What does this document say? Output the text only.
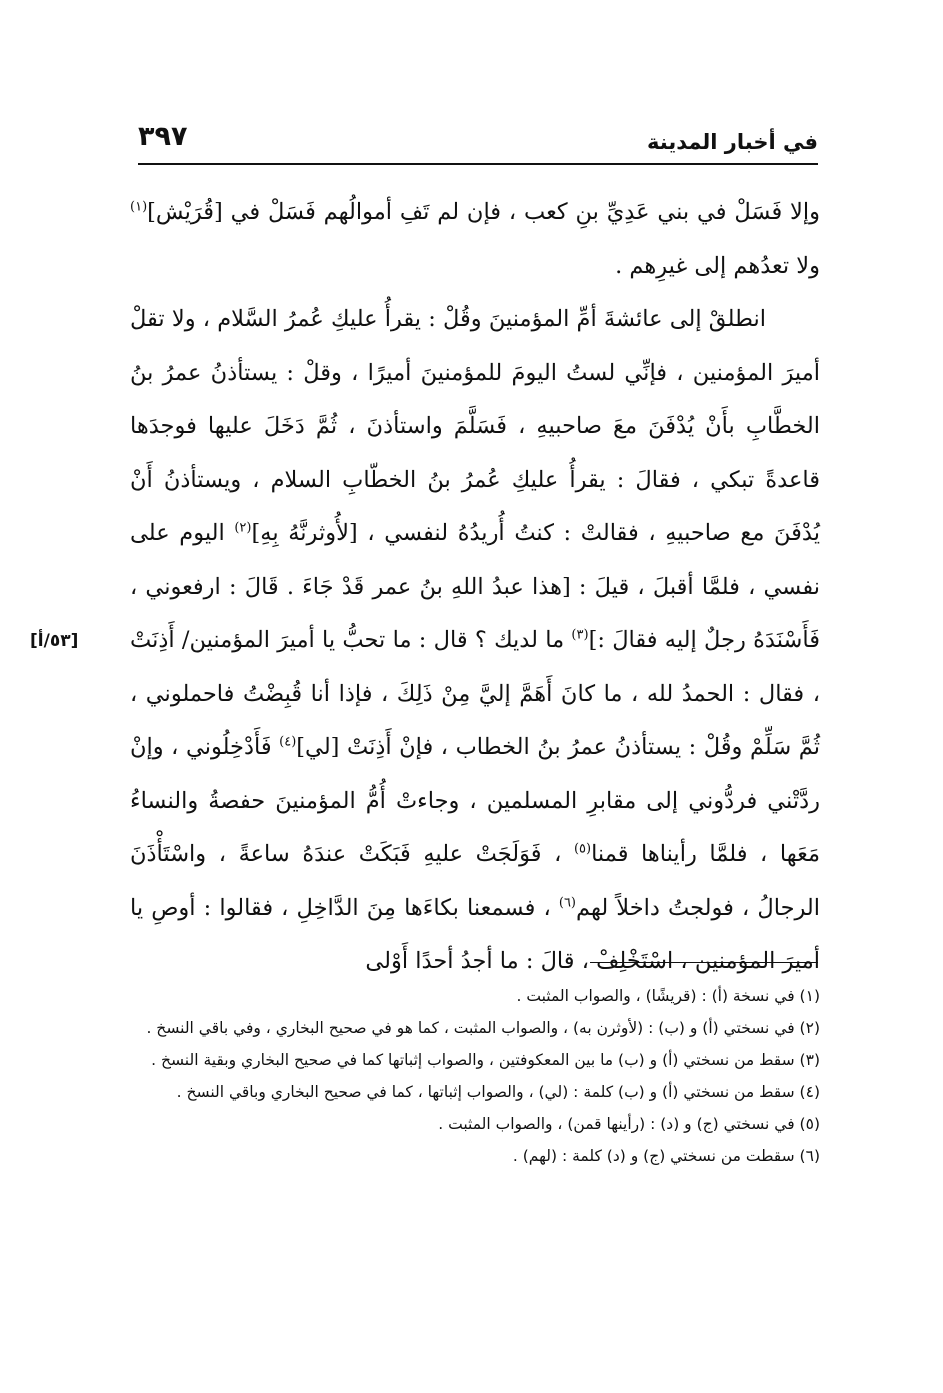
في أخبار المدينة
٣٩٧

وإلا فَسَلْ في بني عَدِيِّ بنِ كعب ، فإن لم تَفِ أموالُهم فَسَلْ في [قُرَيْش]$^{(١)}$ ولا تعدُهم إلى غيرِهم .

انطلقْ إلى عائشةَ أمِّ المؤمنينَ وقُلْ : يقرأُ عليكِ عُمرُ السَّلام ، ولا تقلْ أميرَ المؤمنين ، فإنِّي لستُ اليومَ للمؤمنينَ أميرًا ، وقلْ : يستأذنُ عمرُ بنُ الخطَّابِ بأَنْ يُدْفَنَ معَ صاحبيهِ ، فَسَلَّمَ واستأذنَ ، ثُمَّ دَخَلَ عليها فوجدَها قاعدةً تبكي ، فقالَ : يقرأُ عليكِ عُمرُ بنُ الخطّابِ السلام ، ويستأذنُ أَنْ يُدْفَنَ مع صاحبيهِ ، فقالتْ : كنتُ أُريدُهُ لنفسي ، [لأُوثرنَّهُ بِهِ]$^{(٢)}$ اليوم على نفسي ، فلمَّا أقبلَ ، قيلَ : [هذا عبدُ اللهِ بنُ عمر قَدْ جَاءَ . قَالَ : ارفعوني ، فَأَسْنَدَهُ رجلٌ إليه فقالَ :]$^{(٣)}$ ما لديك ؟ قال : ما تحبُّ يا أميرَ المؤمنين/ أَذِنَتْ ، فقال : الحمدُ لله ، ما كانَ أَهَمَّ إليَّ مِنْ ذَلِكَ ، فإذا أنا قُبِضْتُ فاحملوني ، ثُمَّ سَلِّمْ وقُلْ : يستأذنُ عمرُ بنُ الخطاب ، فإنْ أَذِنَتْ [لي]$^{(٤)}$ فَأَدْخِلُوني ، وإنْ ردَّتْني فردُّوني إلى مقابرِ المسلمين ، وجاءتْ أُمُّ المؤمنينَ حفصةُ والنساءُ مَعَها ، فلمَّا رأيناها قمنا$^{(٥)}$ ، فَوَلَجَتْ عليهِ فَبَكَتْ عندَهُ ساعةً ، واسْتَأْذَنَ الرجالُ ، فولجتُ داخلاً لهم$^{(٦)}$ ، فسمعنا بكاءَها مِنَ الدَّاخِلِ ، فقالوا : أوصِ يا أميرَ المؤمنين ، اسْتَخْلِفْ ، قالَ : ما أجدُ أحدًا أَوْلى

[٥٣/أ]
(١) في نسخة (أ) : (قريشًا) ، والصواب المثبت .
(٢) في نسختي (أ) و (ب) : (لأوثرن به) ، والصواب المثبت ، كما هو في صحيح البخاري ، وفي باقي النسخ .
(٣) سقط من نسختي (أ) و (ب) ما بين المعكوفتين ، والصواب إثباتها كما في صحيح البخاري وبقية النسخ .
(٤) سقط من نسختي (أ) و (ب) كلمة : (لي) ، والصواب إثباتها ، كما في صحيح البخاري وباقي النسخ .
(٥) في نسختي (ج) و (د) : (رأينها قمن) ، والصواب المثبت .
(٦) سقطت من نسختي (ج) و (د) كلمة : (لهم) .
